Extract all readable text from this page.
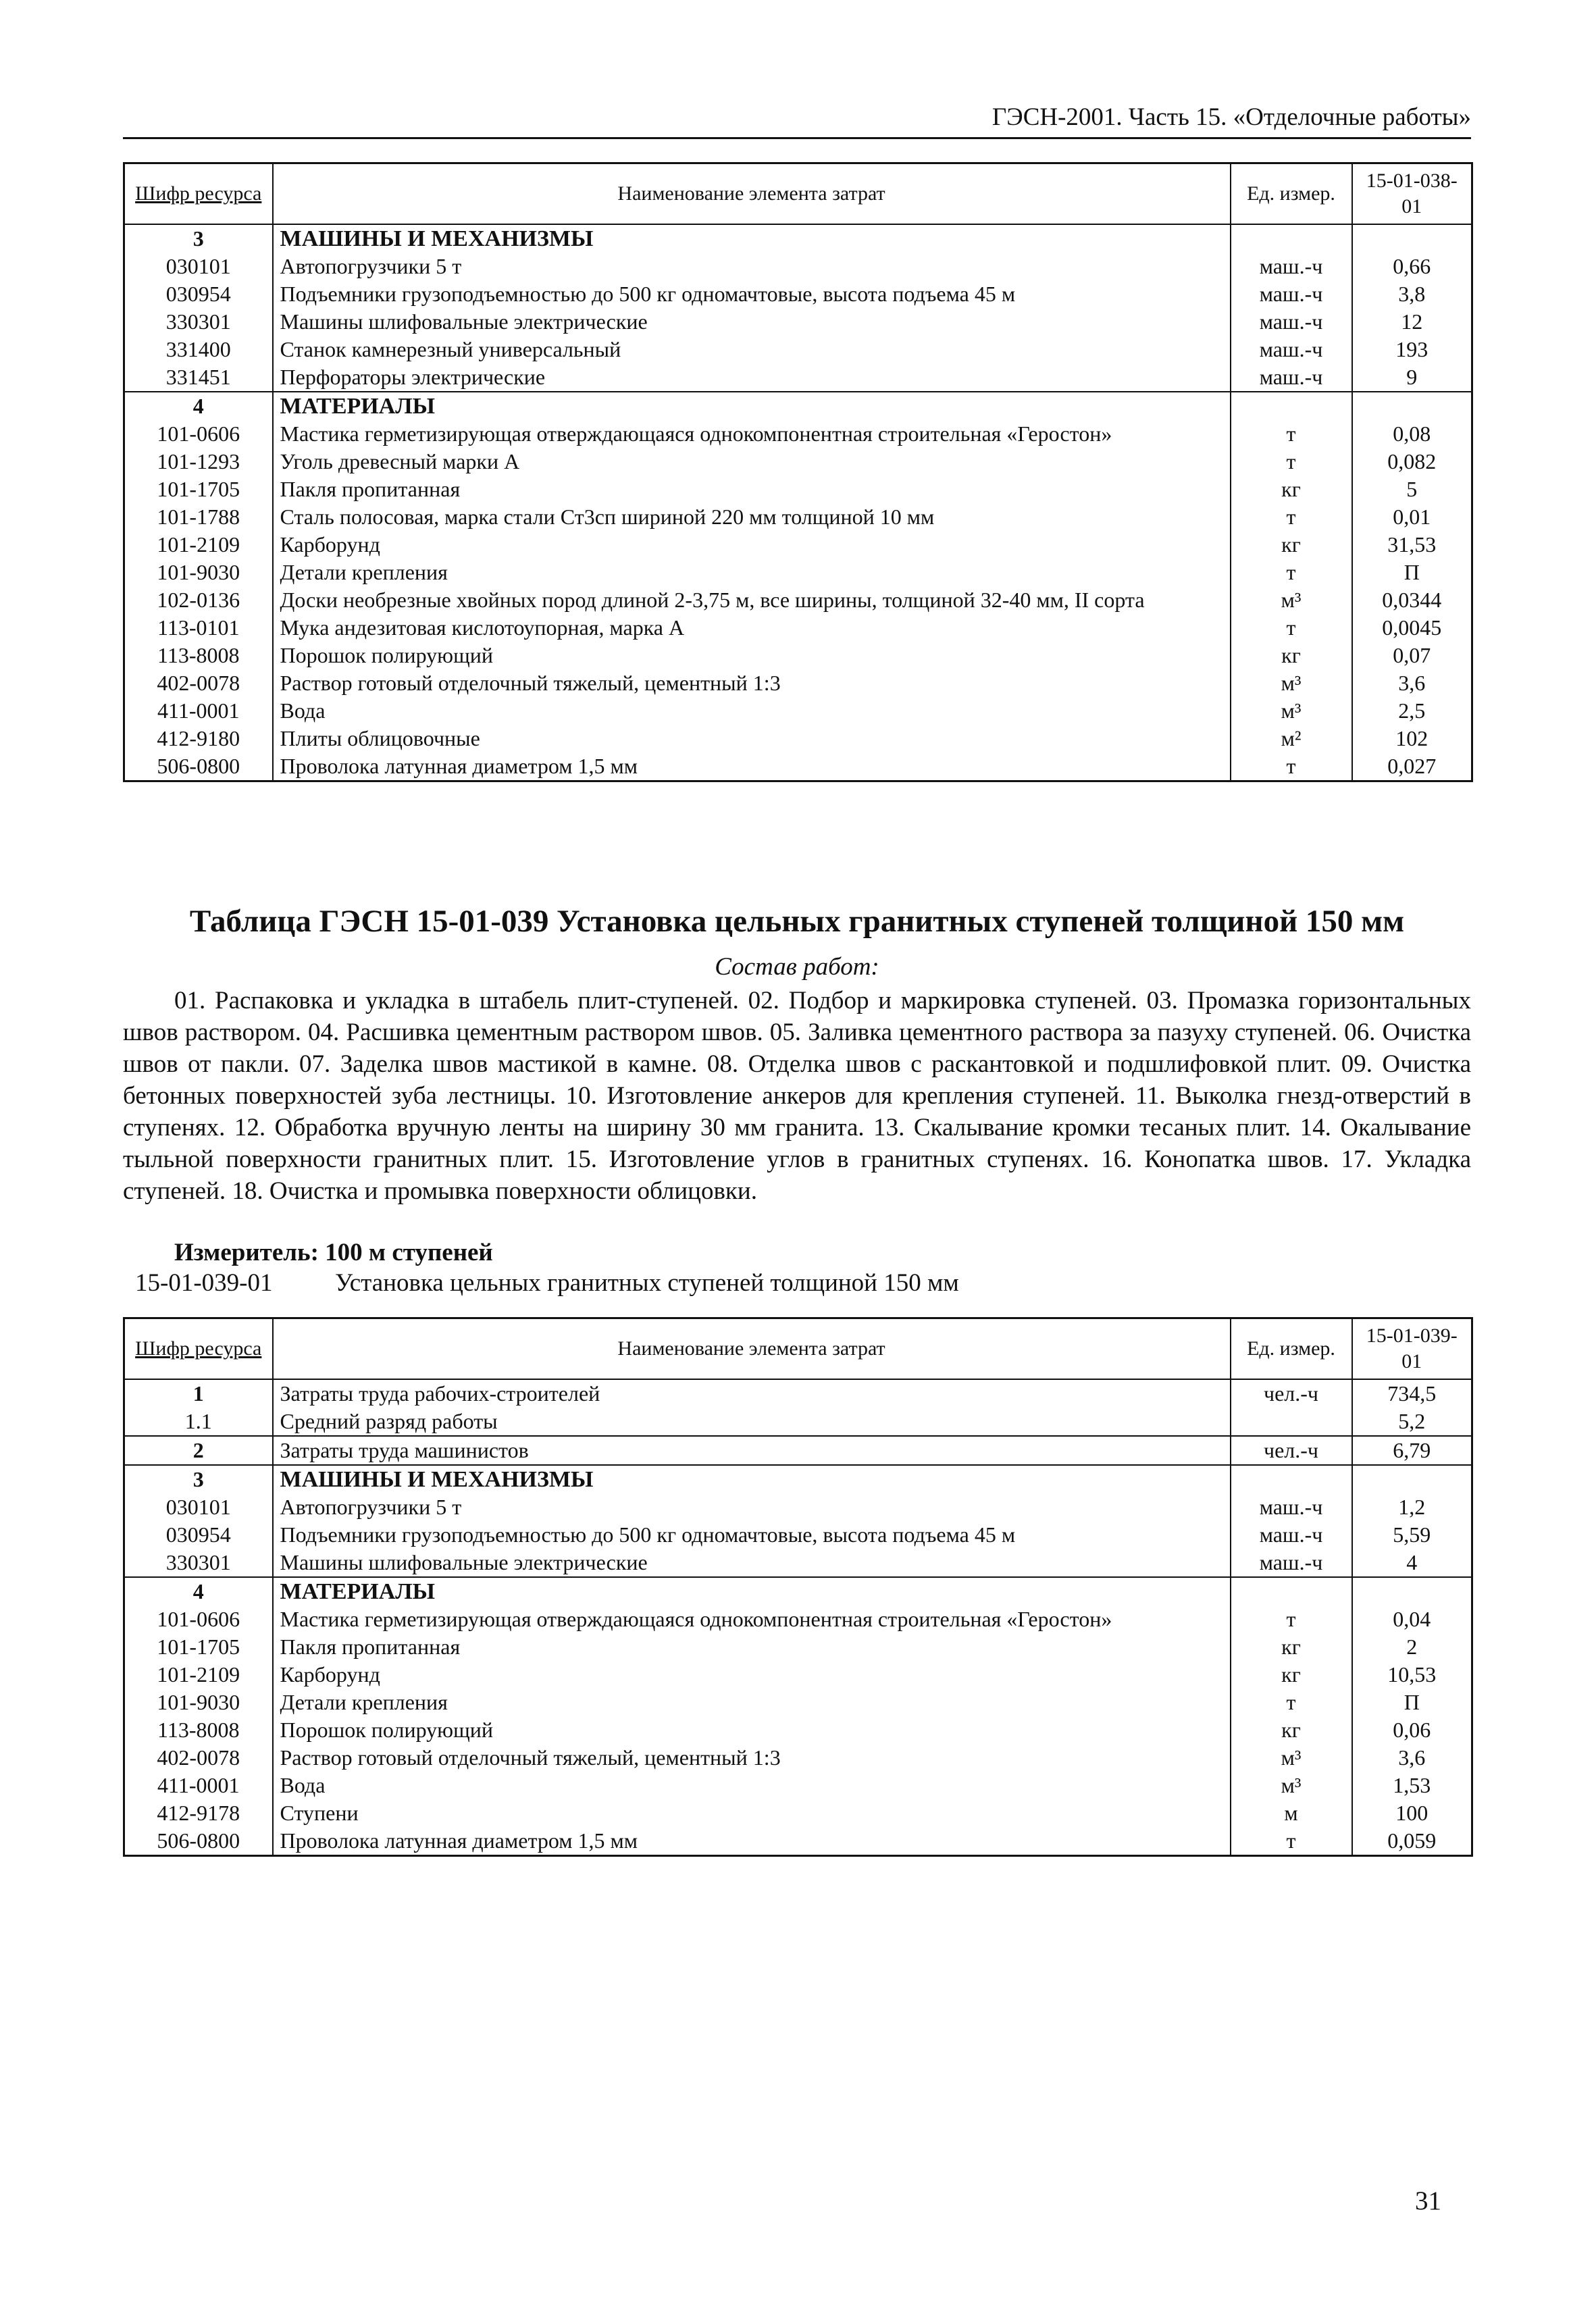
ГЭСН-2001. Часть 15. «Отделочные работы»
Шифр ресурса	Наименование элемента затрат	Ед. измер.	15-01-038-01
3	МАШИНЫ И МЕХАНИЗМЫ		
030101	Автопогрузчики 5 т	маш.-ч	0,66
030954	Подъемники грузоподъемностью до 500 кг одномачтовые, высота подъема 45 м	маш.-ч	3,8
330301	Машины шлифовальные электрические	маш.-ч	12
331400	Станок камнерезный универсальный	маш.-ч	193
331451	Перфораторы электрические	маш.-ч	9
4	МАТЕРИАЛЫ		
101-0606	Мастика герметизирующая отверждающаяся однокомпонентная строительная «Геростон»	т	0,08
101-1293	Уголь древесный марки А	т	0,082
101-1705	Пакля пропитанная	кг	5
101-1788	Сталь полосовая, марка стали Ст3сп шириной 220 мм толщиной 10 мм	т	0,01
101-2109	Карборунд	кг	31,53
101-9030	Детали крепления	т	П
102-0136	Доски необрезные хвойных пород длиной 2-3,75 м, все ширины, толщиной 32-40 мм, II сорта	м³	0,0344
113-0101	Мука андезитовая кислотоупорная, марка А	т	0,0045
113-8008	Порошок полирующий	кг	0,07
402-0078	Раствор готовый отделочный тяжелый, цементный 1:3	м³	3,6
411-0001	Вода	м³	2,5
412-9180	Плиты облицовочные	м²	102
506-0800	Проволока латунная диаметром 1,5 мм	т	0,027
Таблица ГЭСН 15-01-039 Установка цельных гранитных ступеней толщиной 150 мм
Состав работ:
01. Распаковка и укладка в штабель плит-ступеней. 02. Подбор и маркировка ступеней. 03. Промазка горизонтальных швов раствором. 04. Расшивка цементным раствором швов. 05. Заливка цементного раствора за пазуху ступеней. 06. Очистка швов от пакли. 07. Заделка швов мастикой в камне. 08. Отделка швов с раскантовкой и подшлифовкой плит. 09. Очистка бетонных поверхностей зуба лестницы. 10. Изготовление анкеров для крепления ступеней. 11. Выколка гнезд-отверстий в ступенях. 12. Обработка вручную ленты на ширину 30 мм гранита. 13. Скалывание кромки тесаных плит. 14. Окалывание тыльной поверхности гранитных плит. 15. Изготовление углов в гранитных ступенях. 16. Конопатка швов. 17. Укладка ступеней. 18. Очистка и промывка поверхности облицовки.
Измеритель: 100 м ступеней
15-01-039-01	Установка цельных гранитных ступеней толщиной 150 мм
Шифр ресурса	Наименование элемента затрат	Ед. измер.	15-01-039-01
1	Затраты труда рабочих-строителей	чел.-ч	734,5
1.1	Средний разряд работы		5,2
2	Затраты труда машинистов	чел.-ч	6,79
3	МАШИНЫ И МЕХАНИЗМЫ		
030101	Автопогрузчики 5 т	маш.-ч	1,2
030954	Подъемники грузоподъемностью до 500 кг одномачтовые, высота подъема 45 м	маш.-ч	5,59
330301	Машины шлифовальные электрические	маш.-ч	4
4	МАТЕРИАЛЫ		
101-0606	Мастика герметизирующая отверждающаяся однокомпонентная строительная «Геростон»	т	0,04
101-1705	Пакля пропитанная	кг	2
101-2109	Карборунд	кг	10,53
101-9030	Детали крепления	т	П
113-8008	Порошок полирующий	кг	0,06
402-0078	Раствор готовый отделочный тяжелый, цементный 1:3	м³	3,6
411-0001	Вода	м³	1,53
412-9178	Ступени	м	100
506-0800	Проволока латунная диаметром 1,5 мм	т	0,059
31
